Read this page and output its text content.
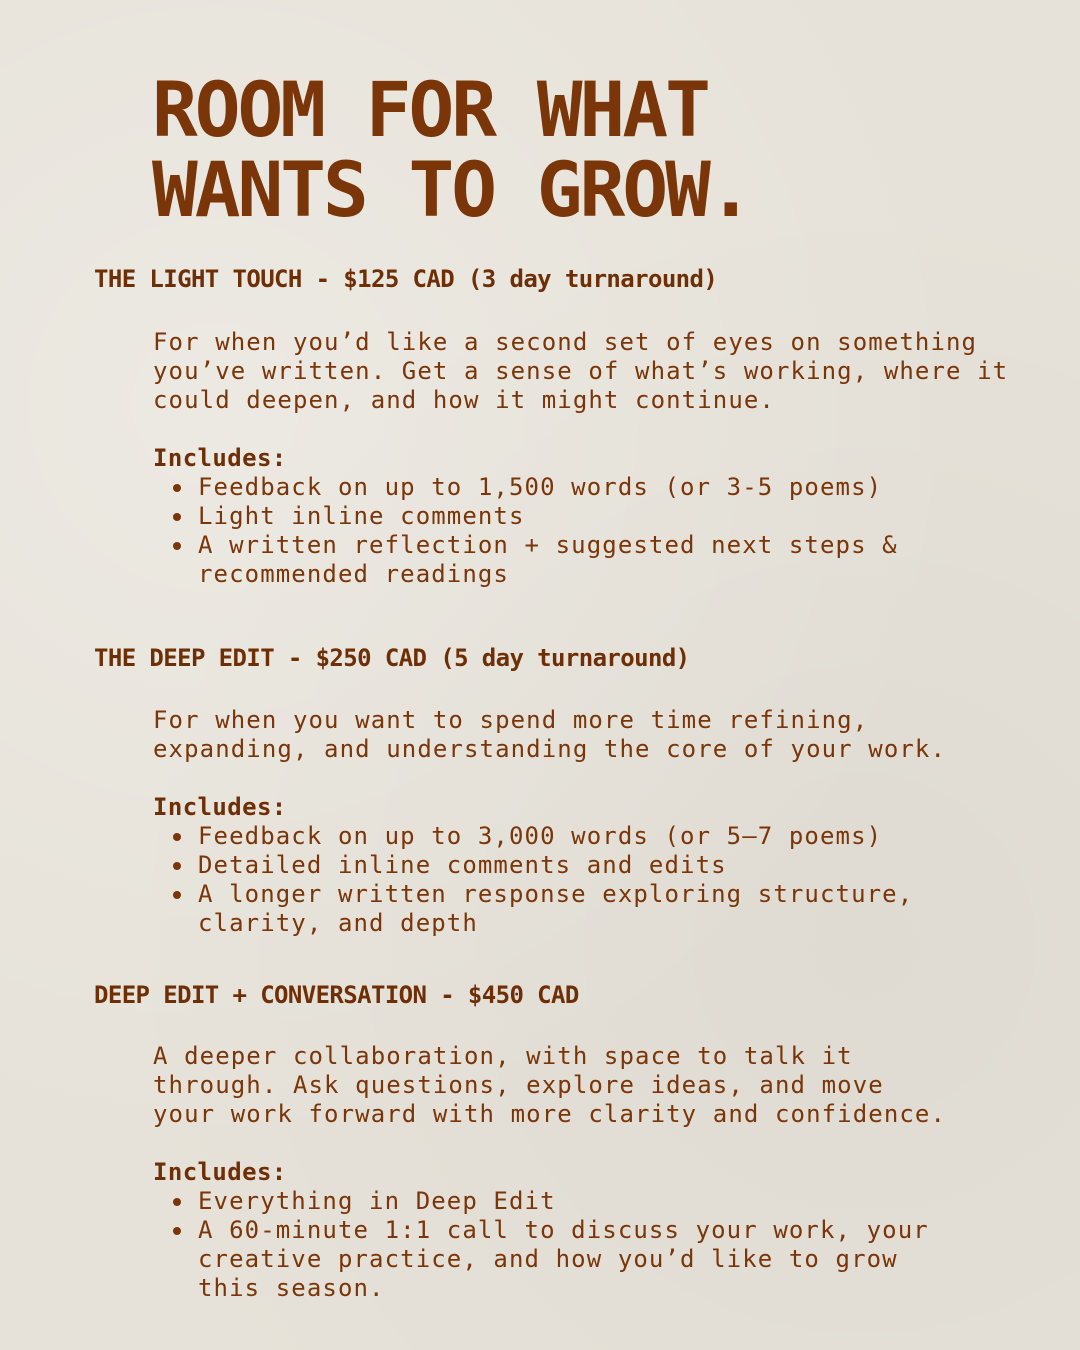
ROOM FOR WHAT
WANTS TO GROW.
THE LIGHT TOUCH - $125 CAD (3 day turnaround)
For when you’d like a second set of eyes on something
you’ve written. Get a sense of what’s working, where it
could deepen, and how it might continue.
Includes:
Feedback on up to 1,500 words (or 3-5 poems)
Light inline comments
A written reflection + suggested next steps &
recommended readings
THE DEEP EDIT - $250 CAD (5 day turnaround)
For when you want to spend more time refining,
expanding, and understanding the core of your work.
Includes:
Feedback on up to 3,000 words (or 5–7 poems)
Detailed inline comments and edits
A longer written response exploring structure,
clarity, and depth
DEEP EDIT + CONVERSATION - $450 CAD
A deeper collaboration, with space to talk it
through. Ask questions, explore ideas, and move
your work forward with more clarity and confidence.
Includes:
Everything in Deep Edit
A 60-minute 1:1 call to discuss your work, your
creative practice, and how you’d like to grow
this season.
